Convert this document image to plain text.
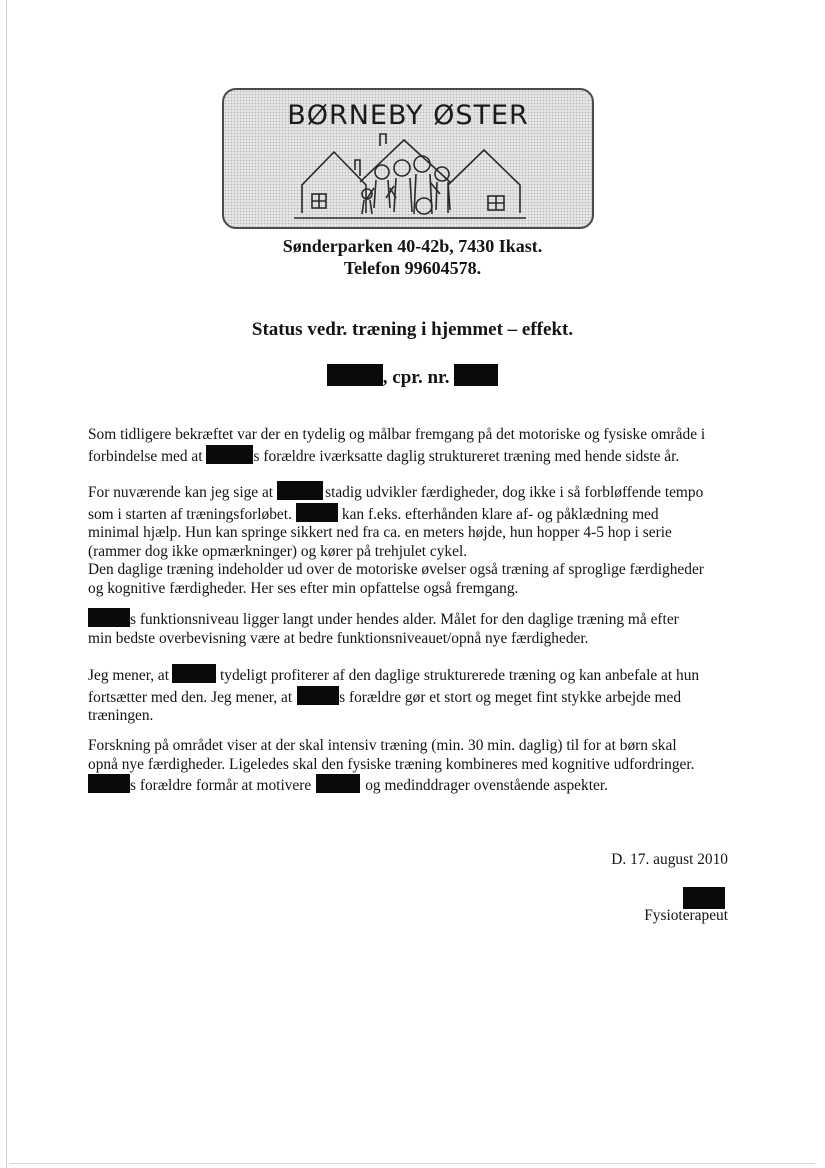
BØRNEBY ØSTER
Sønderparken 40-42b, 7430 Ikast.
Telefon 99604578.
Status vedr. træning i hjemmet – effekt.
, cpr. nr.
Som tidligere bekræftet var der en tydelig og målbar fremgang på det motoriske og fysiske område i
forbindelse med at	s forældre iværksatte daglig struktureret træning med hende sidste år.
For nuværende kan jeg sige at	stadig udvikler færdigheder, dog ikke i så forbløffende tempo
som i starten af træningsforløbet.	kan f.eks. efterhånden klare af- og påklædning med
minimal hjælp. Hun kan springe sikkert ned fra ca. en meters højde, hun hopper 4-5 hop i serie
(rammer dog ikke opmærkninger) og kører på trehjulet cykel.
Den daglige træning indeholder ud over de motoriske øvelser også træning af sproglige færdigheder
og kognitive færdigheder. Her ses efter min opfattelse også fremgang.
s funktionsniveau ligger langt under hendes alder. Målet for den daglige træning må efter
min bedste overbevisning være at bedre funktionsniveauet/opnå nye færdigheder.
Jeg mener, at	tydeligt profiterer af den daglige strukturerede træning og kan anbefale at hun
fortsætter med den. Jeg mener, at	s forældre gør et stort og meget fint stykke arbejde med
træningen.
Forskning på området viser at der skal intensiv træning (min. 30 min. daglig) til for at børn skal
opnå nye færdigheder. Ligeledes skal den fysiske træning kombineres med kognitive udfordringer.
s forældre formår at motivere	og medinddrager ovenstående aspekter.
D. 17. august 2010
Fysioterapeut
